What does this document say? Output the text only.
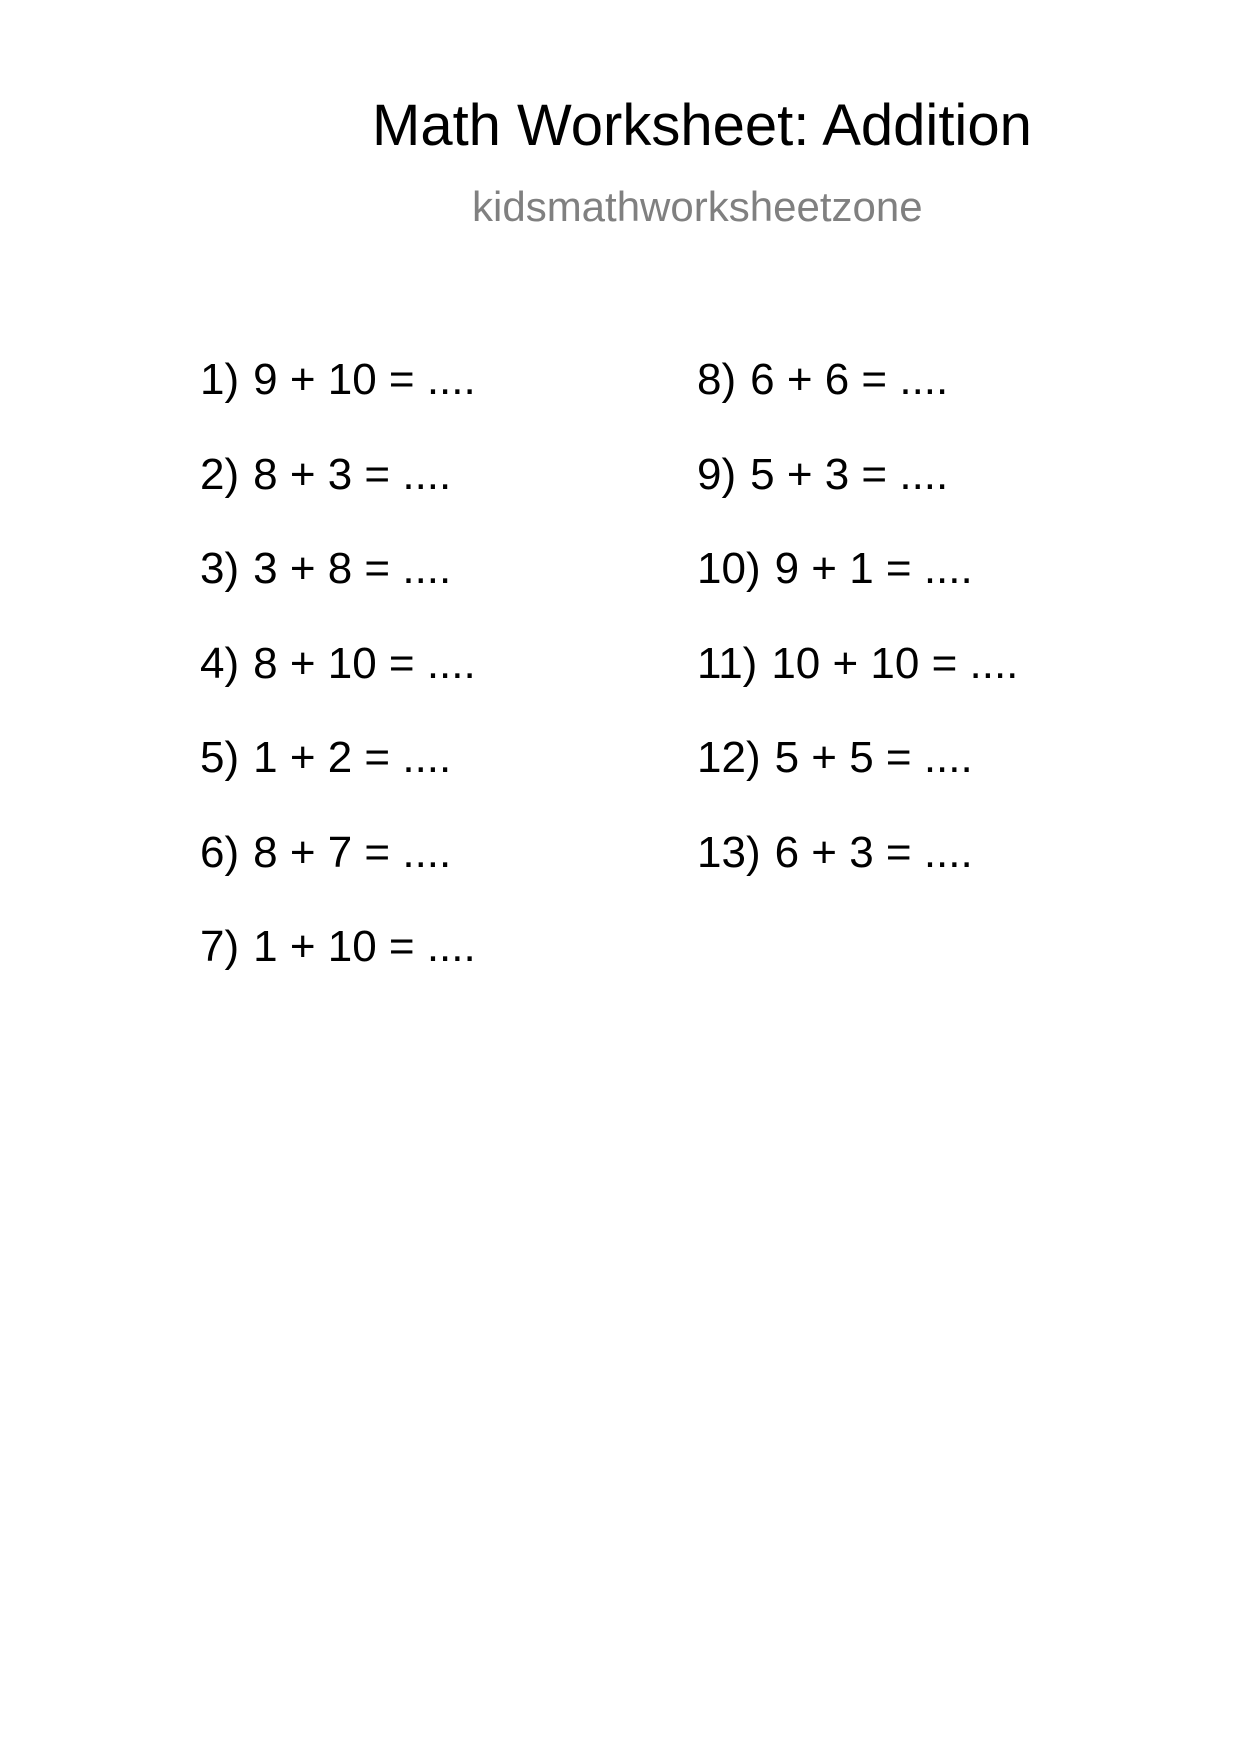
Math Worksheet: Addition
kidsmathworksheetzone
1) 9 + 10 = ....
2) 8 + 3 = ....
3) 3 + 8 = ....
4) 8 + 10 = ....
5) 1 + 2 = ....
6) 8 + 7 = ....
7) 1 + 10 = ....
8) 6 + 6 = ....
9) 5 + 3 = ....
10) 9 + 1 = ....
11) 10 + 10 = ....
12) 5 + 5 = ....
13) 6 + 3 = ....
